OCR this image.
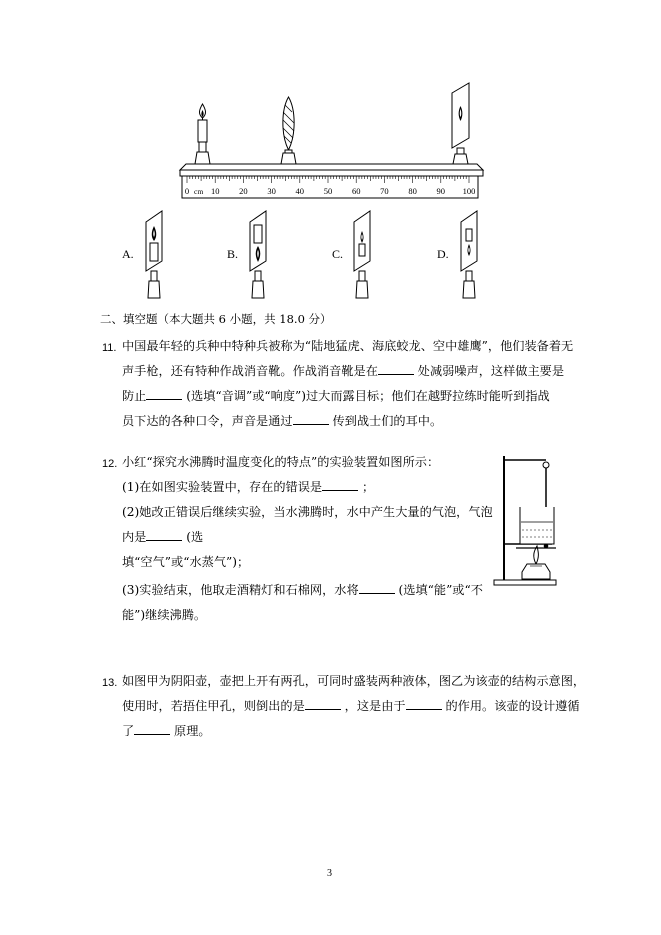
0	10 20 30 40 50 60 70 80 90 100
cm
A.	B.	C.	D.
二、填空题（本大题共 6 小题，共 18.0 分）
11. 中国最年轻的兵种中特种兵被称为“陆地猛虎、海底蛟龙、空中雄鹰”，他们装备着无
声手枪，还有特种作战消音靴。作战消音靴是在	处减弱噪声，这样做主要是
防止	(选填“音调”或“响度”)过大而露目标；他们在越野拉练时能听到指战
员下达的各种口令，声音是通过	传到战士们的耳中。
12. 小红“探究水沸腾时温度变化的特点”的实验装置如图所示：
(1)在如图实验装置中，存在的错误是	；
(2)她改正错误后继续实验，当水沸腾时，水中产生大量的气泡，气泡
内是	(选
填“空气”或“水蒸气”)；
(3)实验结束，他取走酒精灯和石棉网，水将	(选填“能”或“不
能”)继续沸腾。
13. 如图甲为阴阳壶，壶把上开有两孔，可同时盛装两种液体，图乙为该壶的结构示意图，
使用时，若捂住甲孔，则倒出的是	，这是由于	的作用。该壶的设计遵循
了	原理。
3
